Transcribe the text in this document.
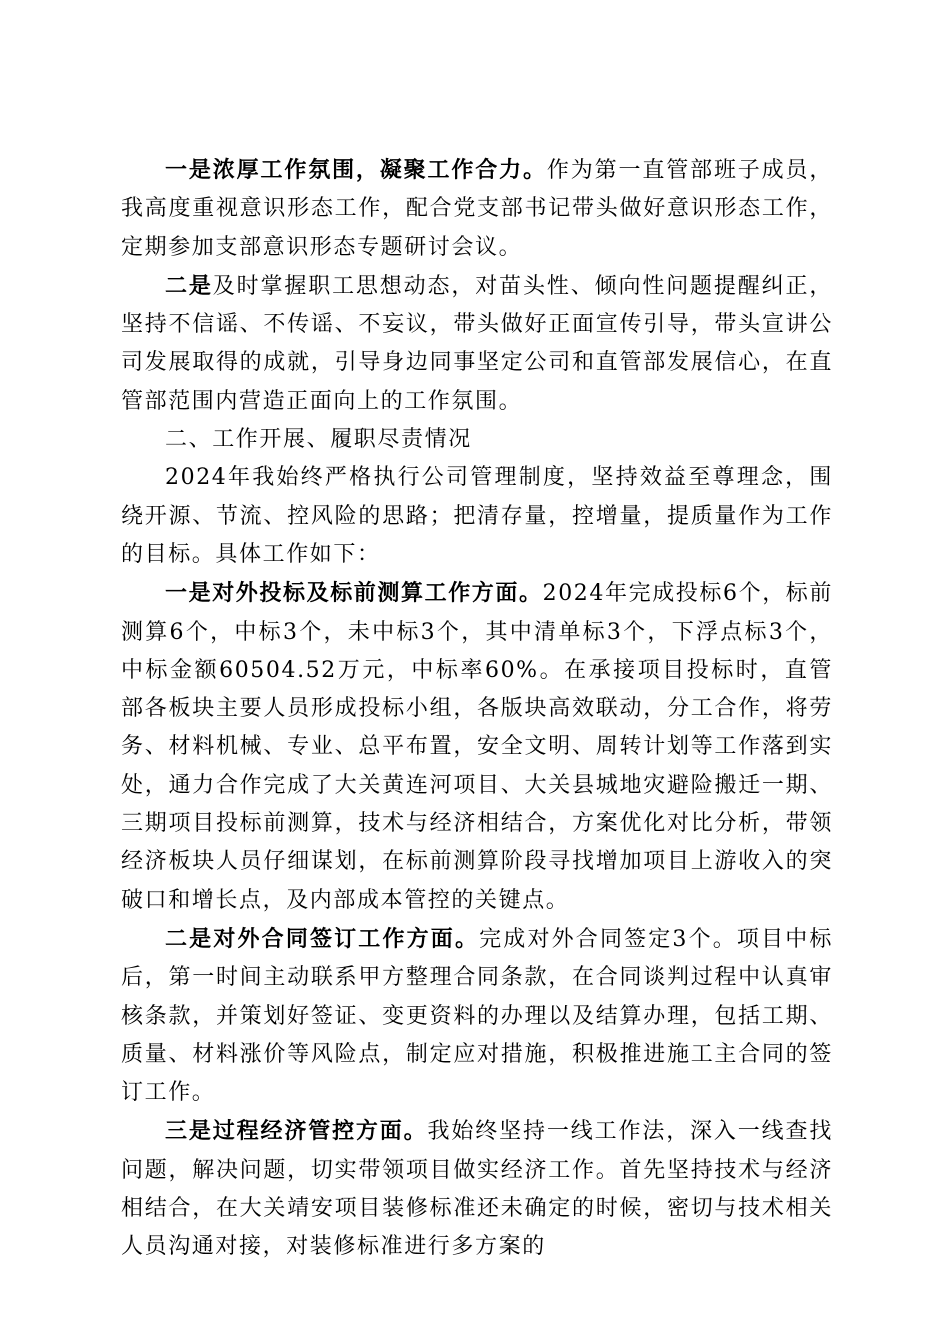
一是浓厚工作氛围，凝聚工作合力。作为第一直管部班子成员，我高度重视意识形态工作，配合党支部书记带头做好意识形态工作，定期参加支部意识形态专题研讨会议。

二是及时掌握职工思想动态，对苗头性、倾向性问题提醒纠正，坚持不信谣、不传谣、不妄议，带头做好正面宣传引导，带头宣讲公司发展取得的成就，引导身边同事坚定公司和直管部发展信心，在直管部范围内营造正面向上的工作氛围。

二、工作开展、履职尽责情况

2024年我始终严格执行公司管理制度，坚持效益至尊理念，围绕开源、节流、控风险的思路；把清存量，控增量，提质量作为工作的目标。具体工作如下：

一是对外投标及标前测算工作方面。2024年完成投标6个，标前测算6个，中标3个，未中标3个，其中清单标3个，下浮点标3个，中标金额60504.52万元，中标率60%。在承接项目投标时，直管部各板块主要人员形成投标小组，各版块高效联动，分工合作，将劳务、材料机械、专业、总平布置，安全文明、周转计划等工作落到实处，通力合作完成了大关黄连河项目、大关县城地灾避险搬迁一期、三期项目投标前测算，技术与经济相结合，方案优化对比分析，带领经济板块人员仔细谋划，在标前测算阶段寻找增加项目上游收入的突破口和增长点，及内部成本管控的关键点。

二是对外合同签订工作方面。完成对外合同签定3个。项目中标后，第一时间主动联系甲方整理合同条款，在合同谈判过程中认真审核条款，并策划好签证、变更资料的办理以及结算办理，包括工期、质量、材料涨价等风险点，制定应对措施，积极推进施工主合同的签订工作。

三是过程经济管控方面。我始终坚持一线工作法，深入一线查找问题，解决问题，切实带领项目做实经济工作。首先坚持技术与经济相结合，在大关靖安项目装修标准还未确定的时候，密切与技术相关人员沟通对接，对装修标准进行多方案的
